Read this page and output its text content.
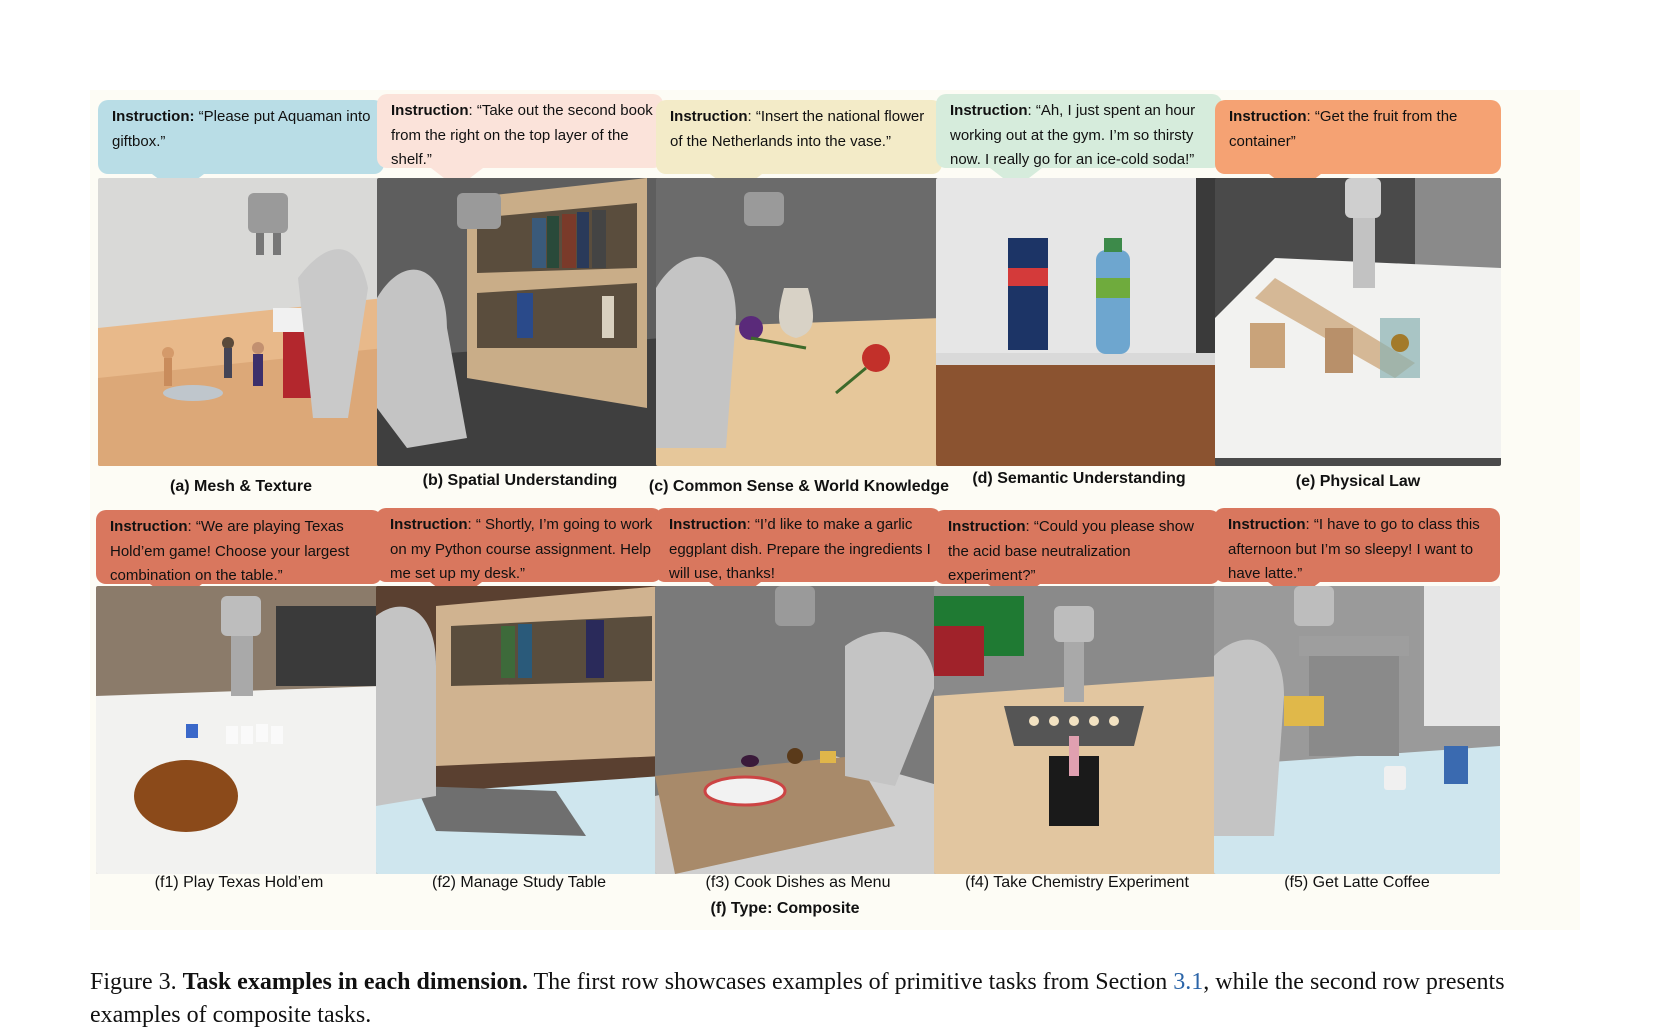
Instruction: “Please put Aquaman into giftbox.”
(a) Mesh & Texture
Instruction: “Take out the second book from the right on the top layer of the shelf.”
(b) Spatial Understanding
Instruction: “Insert the national flower of the Netherlands into the vase.”
(c) Common Sense & World Knowledge
Instruction: “Ah, I just spent an hour working out at the gym. I’m so thirsty now. I really go for an ice-cold soda!”
(d) Semantic Understanding
Instruction: “Get the fruit from the container”
(e) Physical Law
Instruction: “We are playing Texas Hold’em game! Choose your largest combination on the table.”
(f1) Play Texas Hold’em
Instruction: “ Shortly, I’m going to work on my Python course assignment. Help me set up my desk.”
(f2) Manage Study Table
Instruction: “I’d like to make a garlic eggplant dish. Prepare the ingredients I will use, thanks!
(f3) Cook Dishes as Menu
Instruction: “Could you please show the acid base neutralization experiment?”
(f4) Take Chemistry Experiment
Instruction: “I have to go to class this afternoon but I’m so sleepy! I want to have latte.”
(f5) Get Latte Coffee
(f) Type: Composite
Figure 3. Task examples in each dimension. The first row showcases examples of primitive tasks from Section 3.1, while the second row presents examples of composite tasks.
